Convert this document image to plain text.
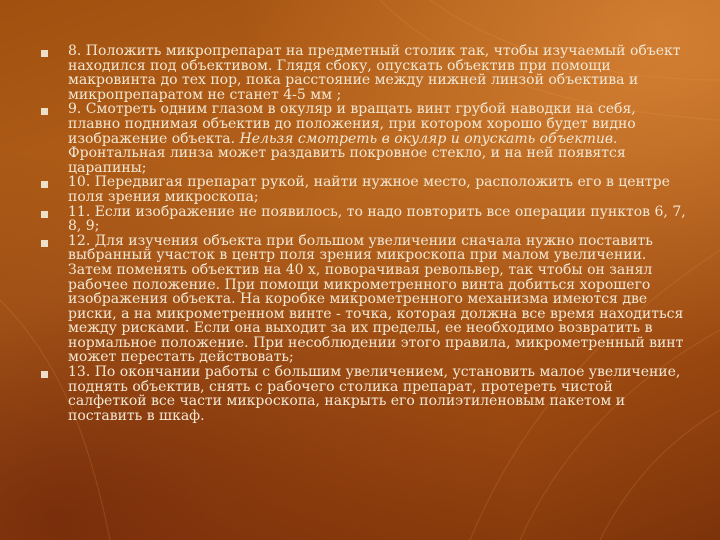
8. Положить микропрепарат на предметный столик так, чтобы изучаемый объект находился под объективом. Глядя сбоку, опускать объектив при помощи макровинта до тех пор, пока расстояние между нижней линзой объектива и микропрепаратом не станет 4-5 мм ;

9. Смотреть одним глазом в окуляр и вращать винт грубой наводки на себя, плавно поднимая объектив до положения, при котором хорошо будет видно изображение объекта. Нельзя смотреть в окуляр и опускать объектив. Фронтальная линза может раздавить покровное стекло, и на ней появятся царапины;

10. Передвигая препарат рукой, найти нужное место, расположить его в центре поля зрения микроскопа;

11. Если изображение не появилось, то надо повторить все операции пунктов 6, 7, 8, 9;

12. Для изучения объекта при большом увеличении сначала нужно поставить выбранный участок в центр поля зрения микроскопа при малом увеличении. Затем поменять объектив на 40 х, поворачивая револьвер, так чтобы он занял рабочее положение. При помощи микрометренного винта добиться хорошего изображения объекта. На коробке микрометренного механизма имеются две риски, а на микрометренном винте - точка, которая должна все время находиться между рисками. Если она выходит за их пределы, ее необходимо возвратить в нормальное положение. При несоблюдении этого правила, микрометренный винт может перестать действовать;

13. По окончании работы с большим увеличением, установить малое увеличение, поднять объектив, снять с рабочего столика препарат, протереть чистой салфеткой все части микроскопа, накрыть его полиэтиленовым пакетом и поставить в шкаф.
